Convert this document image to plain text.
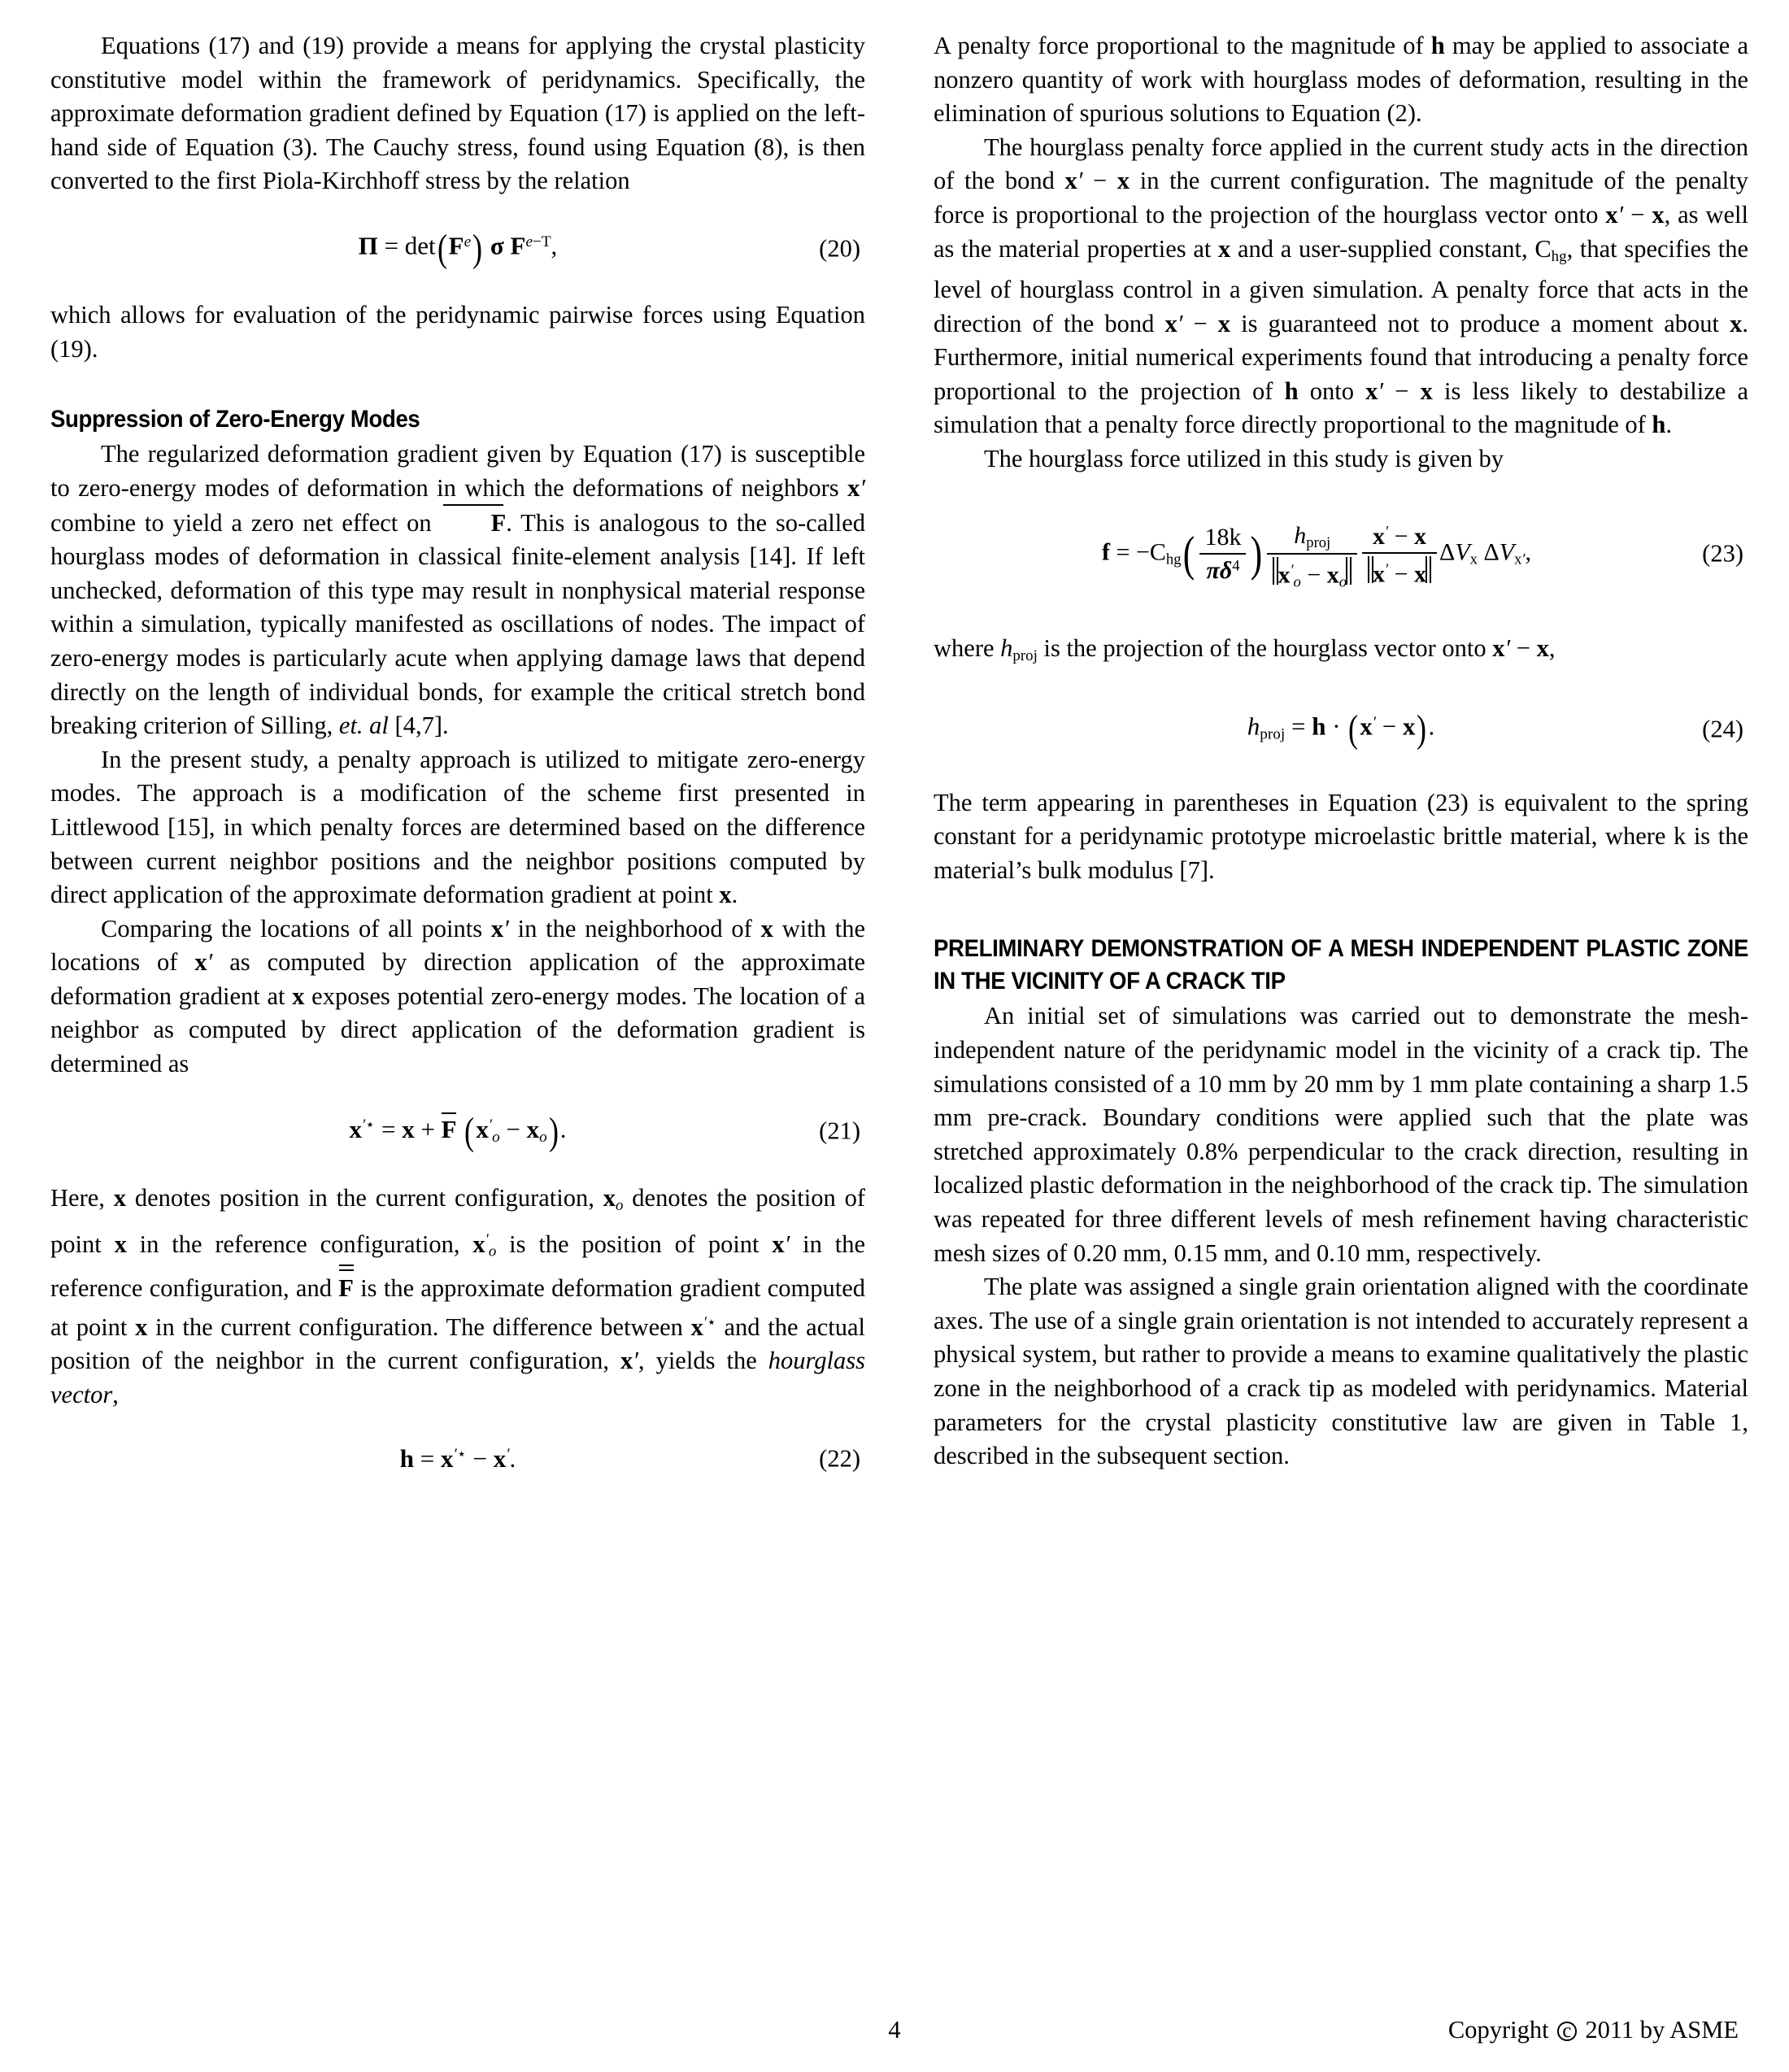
Equations (17) and (19) provide a means for applying the crystal plasticity constitutive model within the framework of peridynamics. Specifically, the approximate deformation gradient defined by Equation (17) is applied on the left-hand side of Equation (3). The Cauchy stress, found using Equation (8), is then converted to the first Piola-Kirchhoff stress by the relation

$\Pi = \det(F^e)$ σ $F^{e-T}$,	(20)

which allows for evaluation of the peridynamic pairwise forces using Equation (19).

Suppression of Zero-Energy Modes

The regularized deformation gradient given by Equation (17) is susceptible to zero-energy modes of deformation in which the deformations of neighbors x′ combine to yield a zero net effect on F. This is analogous to the so-called hourglass modes of deformation in classical finite-element analysis [14]. If left unchecked, deformation of this type may result in nonphysical material response within a simulation, typically manifested as oscillations of nodes. The impact of zero-energy modes is particularly acute when applying damage laws that depend directly on the length of individual bonds, for example the critical stretch bond breaking criterion of Silling, et. al [4,7].

In the present study, a penalty approach is utilized to mitigate zero-energy modes. The approach is a modification of the scheme first presented in Littlewood [15], in which penalty forces are determined based on the difference between current neighbor positions and the neighbor positions computed by direct application of the approximate deformation gradient at point x.

Comparing the locations of all points x′ in the neighborhood of x with the locations of x′ as computed by direction application of the approximate deformation gradient at x exposes potential zero-energy modes. The location of a neighbor as computed by direct application of the deformation gradient is determined as

x′⋆ = x + F $(x'_o - x_o)$.	(21)

Here, x denotes position in the current configuration, $x_o$ denotes the position of point x in the reference configuration, $x'_o$ is the position of point x′ in the reference configuration, and F is the approximate deformation gradient computed at point x in the current configuration. The difference between x′⋆ and the actual position of the neighbor in the current configuration, x′, yields the hourglass vector,

h = x′⋆ − x′.	(22)

A penalty force proportional to the magnitude of h may be applied to associate a nonzero quantity of work with hourglass modes of deformation, resulting in the elimination of spurious solutions to Equation (2).

The hourglass penalty force applied in the current study acts in the direction of the bond x′ − x in the current configuration. The magnitude of the penalty force is proportional to the projection of the hourglass vector onto x′ − x, as well as the material properties at x and a user-supplied constant, $C_{hg}$, that specifies the level of hourglass control in a given simulation. A penalty force that acts in the direction of the bond x′ − x is guaranteed not to produce a moment about x. Furthermore, initial numerical experiments found that introducing a penalty force proportional to the projection of h onto x′ − x is less likely to destabilize a simulation that a penalty force directly proportional to the magnitude of h.

The hourglass force utilized in this study is given by

$f = -C_{hg}( \frac{18k}{\pi\delta^4}$ ) $\frac{h_{proj}}{x'_o - x_o} \frac{x' - x}{x' - x} \Delta V_x$ $\Delta V_{x'}$,	(23)

where $h_{proj}$ is the projection of the hourglass vector onto x′ − x,

$h_{proj} = h \cdot (x' - x)$.	(24)

The term appearing in parentheses in Equation (23) is equivalent to the spring constant for a peridynamic prototype microelastic brittle material, where k is the material’s bulk modulus [7].

PRELIMINARY DEMONSTRATION OF A MESH INDEPENDENT PLASTIC ZONE IN THE VICINITY OF A CRACK TIP

An initial set of simulations was carried out to demonstrate the mesh-independent nature of the peridynamic model in the vicinity of a crack tip. The simulations consisted of a 10 mm by 20 mm by 1 mm plate containing a sharp 1.5 mm pre-crack. Boundary conditions were applied such that the plate was stretched approximately 0.8% perpendicular to the crack direction, resulting in localized plastic deformation in the neighborhood of the crack tip. The simulation was repeated for three different levels of mesh refinement having characteristic mesh sizes of 0.20 mm, 0.15 mm, and 0.10 mm, respectively.

The plate was assigned a single grain orientation aligned with the coordinate axes. The use of a single grain orientation is not intended to accurately represent a physical system, but rather to provide a means to examine qualitatively the plastic zone in the neighborhood of a crack tip as modeled with peridynamics. Material parameters for the crystal plasticity constitutive law are given in Table 1, described in the subsequent section.

4	Copyright c 2011 by ASME
